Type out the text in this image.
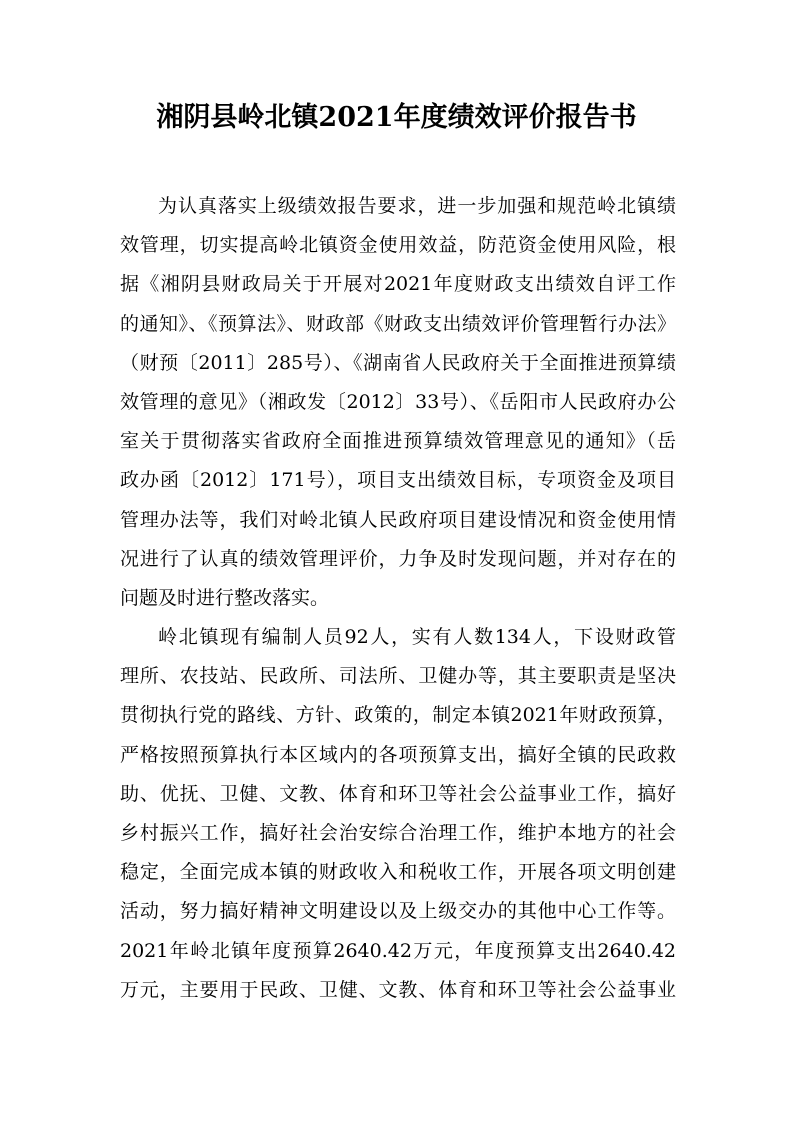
湘阴县岭北镇2021年度绩效评价报告书
为认真落实上级绩效报告要求，进一步加强和规范岭北镇绩
效管理，切实提高岭北镇资金使用效益，防范资金使用风险，根
据《湘阴县财政局关于开展对2021年度财政支出绩效自评工作
的通知》、《预算法》、财政部《财政支出绩效评价管理暂行办法》
（财预〔2011〕285号）、《湖南省人民政府关于全面推进预算绩
效管理的意见》（湘政发〔2012〕33号）、《岳阳市人民政府办公
室关于贯彻落实省政府全面推进预算绩效管理意见的通知》（岳
政办函〔2012〕171号），项目支出绩效目标，专项资金及项目
管理办法等，我们对岭北镇人民政府项目建设情况和资金使用情
况进行了认真的绩效管理评价，力争及时发现问题，并对存在的
问题及时进行整改落实。
岭北镇现有编制人员92人，实有人数134人，下设财政管
理所、农技站、民政所、司法所、卫健办等，其主要职责是坚决
贯彻执行党的路线、方针、政策的，制定本镇2021年财政预算，
严格按照预算执行本区域内的各项预算支出，搞好全镇的民政救
助、优抚、卫健、文教、体育和环卫等社会公益事业工作，搞好
乡村振兴工作，搞好社会治安综合治理工作，维护本地方的社会
稳定，全面完成本镇的财政收入和税收工作，开展各项文明创建
活动，努力搞好精神文明建设以及上级交办的其他中心工作等。
2021年岭北镇年度预算2640.42万元，年度预算支出2640.42
万元，主要用于民政、卫健、文教、体育和环卫等社会公益事业
